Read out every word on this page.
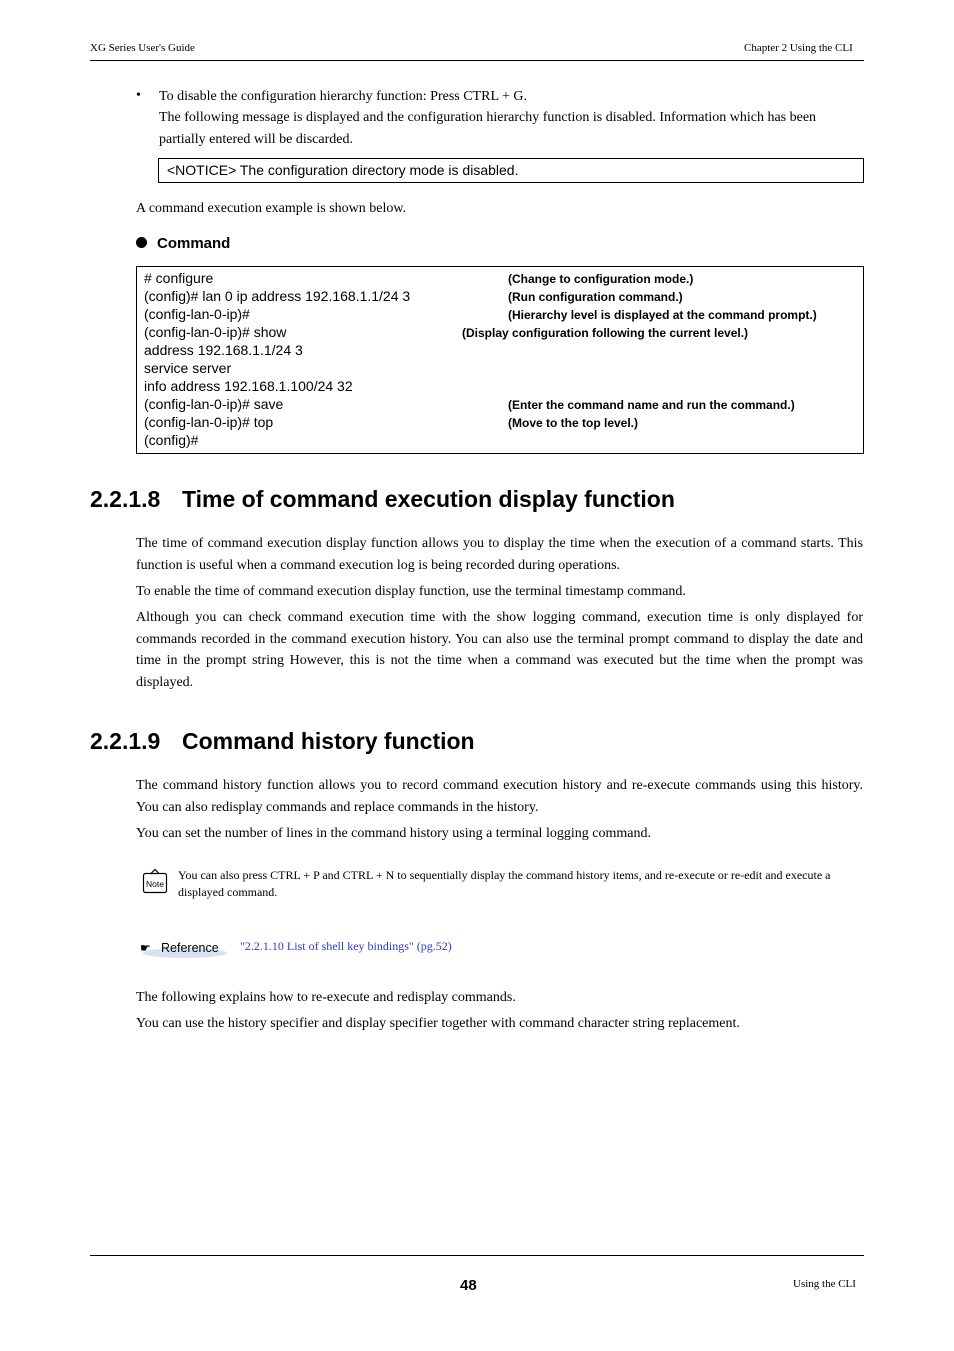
XG Series User's Guide	Chapter 2 Using the CLI
• To disable the configuration hierarchy function: Press CTRL + G.
The following message is displayed and the configuration hierarchy function is disabled. Information which has been
partially entered will be discarded.
<NOTICE> The configuration directory mode is disabled.
A command execution example is shown below.
Command
# configure
(config)# lan 0 ip address 192.168.1.1/24 3
(config-lan-0-ip)#
(config-lan-0-ip)# show
address 192.168.1.1/24 3
service server
info address 192.168.1.100/24 32
(config-lan-0-ip)# save
(config-lan-0-ip)# top
(config)#
(Change to configuration mode.)
(Run configuration command.)
(Hierarchy level is displayed at the command prompt.)
(Display configuration following the current level.)
(Enter the command name and run the command.)
(Move to the top level.)
2.2.1.8 Time of command execution display function
The time of command execution display function allows you to display the time when the execution of a command starts. This function is useful when a command execution log is being recorded during operations.
To enable the time of command execution display function, use the terminal timestamp command.
Although you can check command execution time with the show logging command, execution time is only displayed for commands recorded in the command execution history. You can also use the terminal prompt command to display the date and time in the prompt string However, this is not the time when a command was executed but the time when the prompt was displayed.
2.2.1.9 Command history function
The command history function allows you to record command execution history and re-execute commands using this history. You can also redisplay commands and replace commands in the history.
You can set the number of lines in the command history using a terminal logging command.
Note
You can also press CTRL + P and CTRL + N to sequentially display the command history items, and re-execute or re-edit and execute a displayed command.
☛ Reference "2.2.1.10 List of shell key bindings" (pg.52)
The following explains how to re-execute and redisplay commands.
You can use the history specifier and display specifier together with command character string replacement.
48	Using the CLI
